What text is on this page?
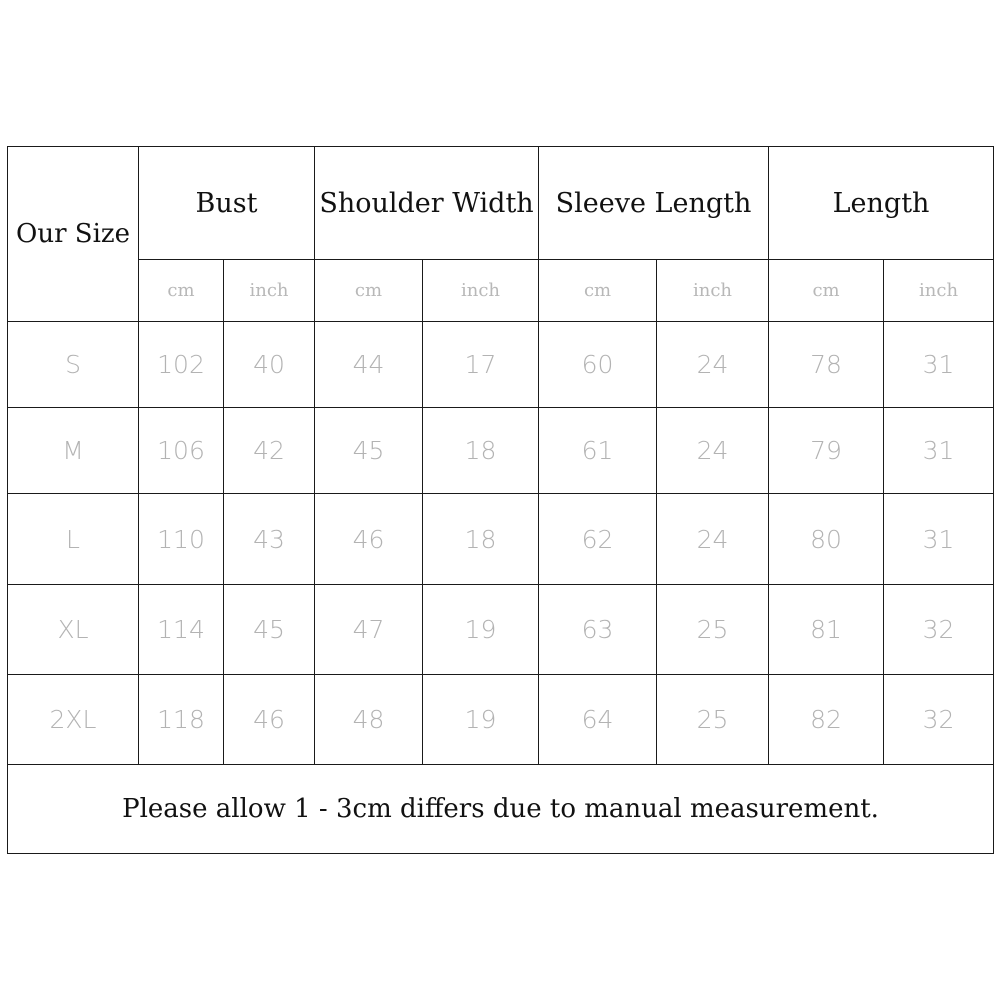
Our Size	Bust		Shoulder Width		Sleeve Length		Length	
	cm	inch	cm	inch	cm	inch	cm	inch
S	102	40	44	17	60	24	78	31
M	106	42	45	18	61	24	79	31
L	110	43	46	18	62	24	80	31
XL	114	45	47	19	63	25	81	32
2XL	118	46	48	19	64	25	82	32
Please allow 1 - 3cm differs due to manual measurement.								
